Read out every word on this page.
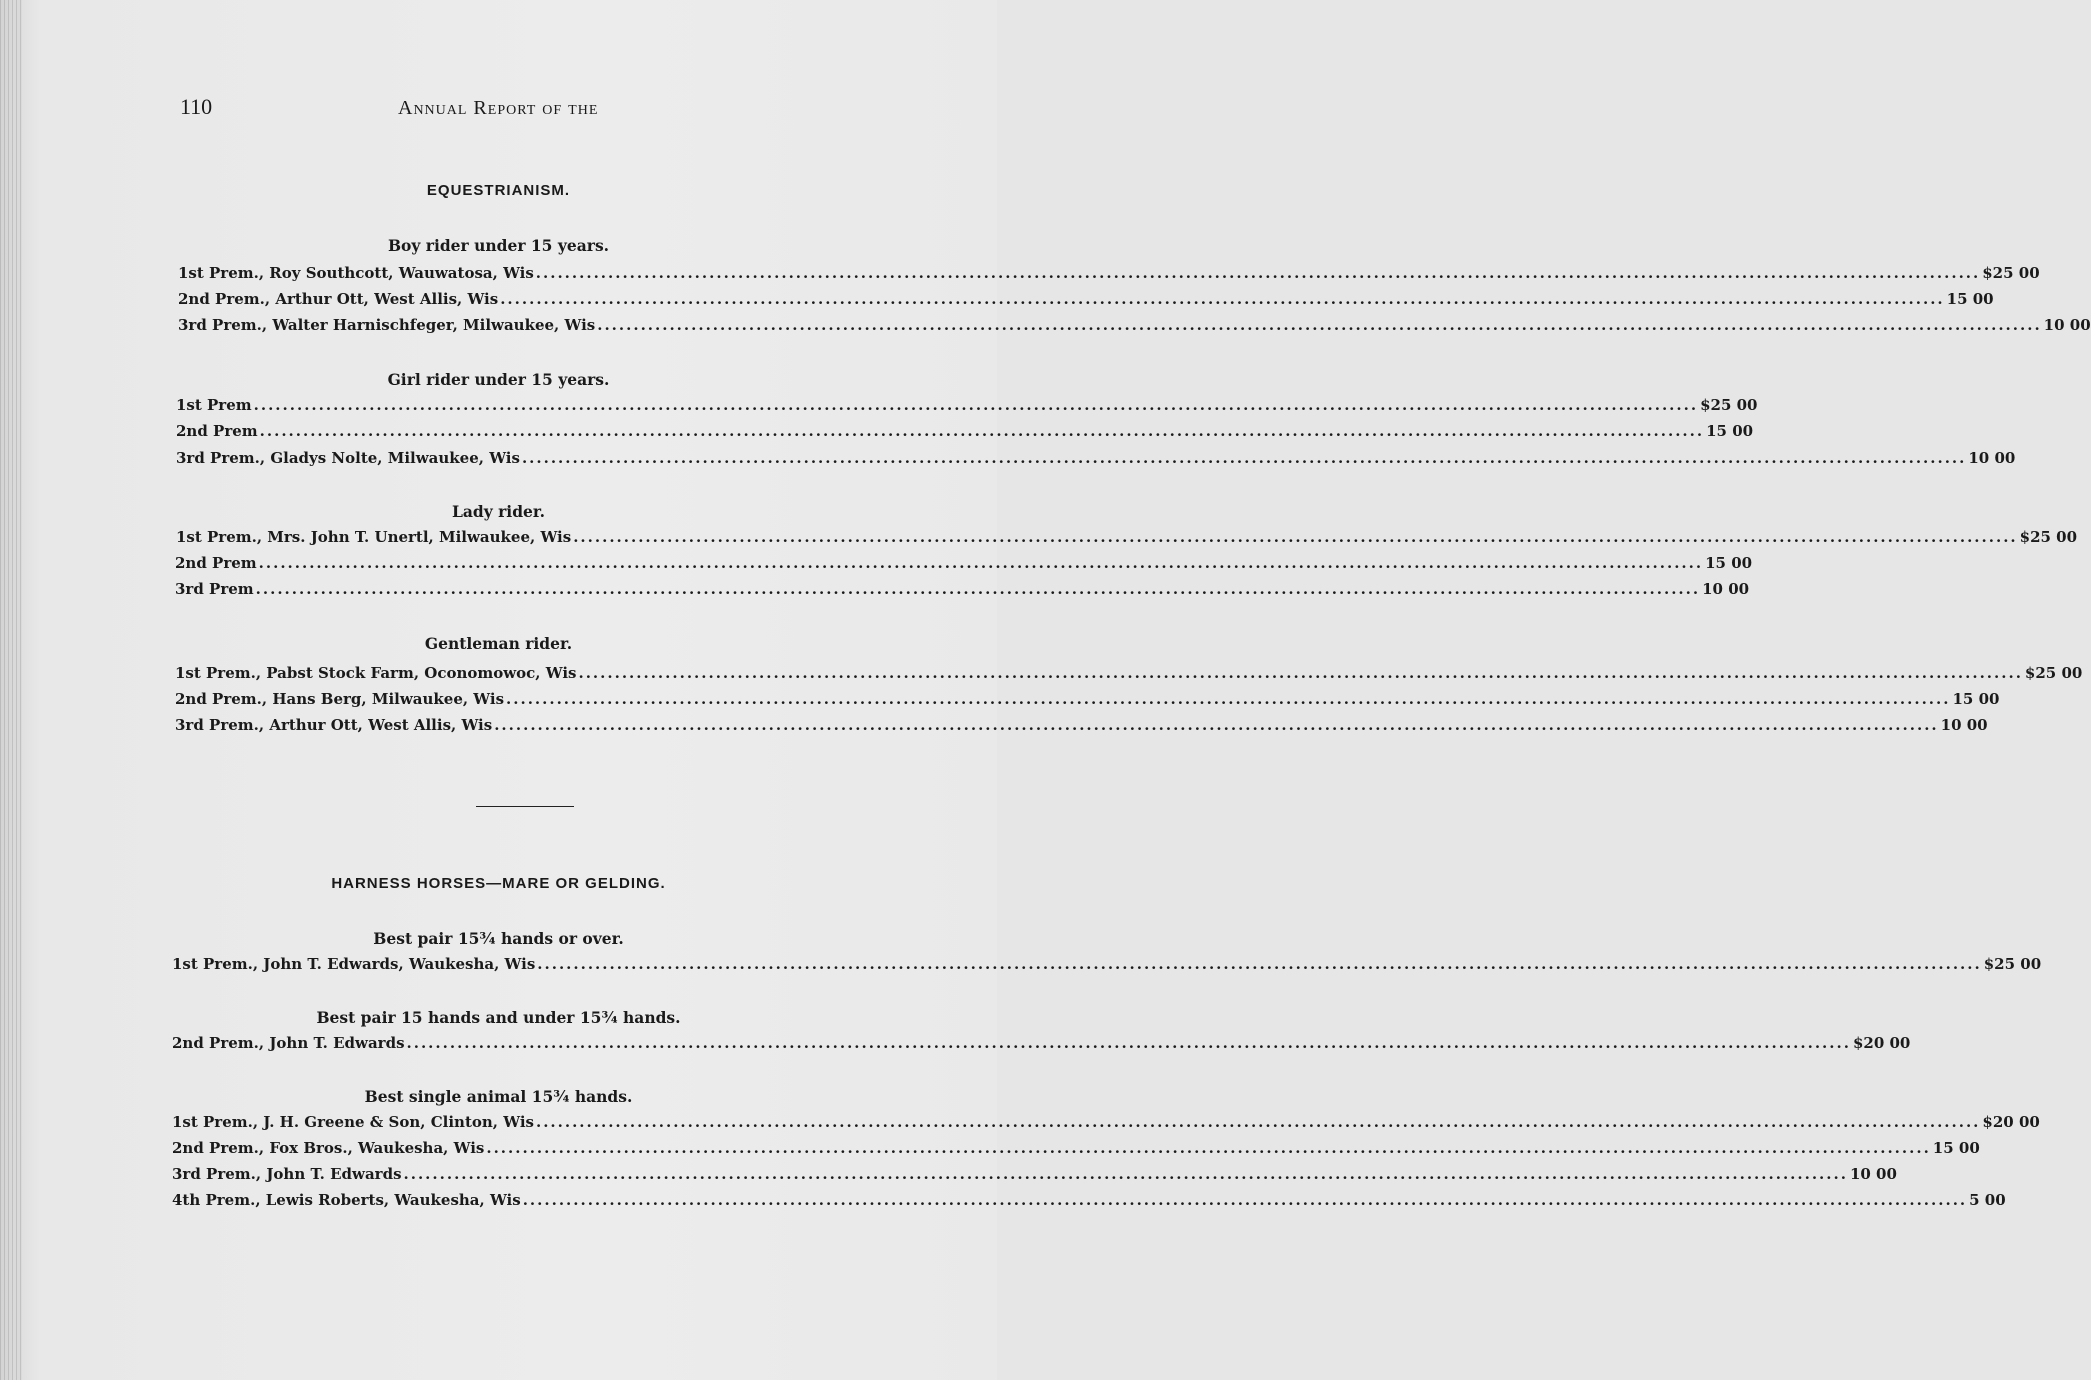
110	Annual Report of the
EQUESTRIANISM.
Boy rider under 15 years.
1st Prem., Roy Southcott, Wauwatosa, Wis ........................................................................................................................................................................................................ $25 00
2nd Prem., Arthur Ott, West Allis, Wis ........................................................................................................................................................................................................ 15 00
3rd Prem., Walter Harnischfeger, Milwaukee, Wis ........................................................................................................................................................................................................ 10 00
Girl rider under 15 years.
1st Prem ........................................................................................................................................................................................................ $25 00
2nd Prem ........................................................................................................................................................................................................ 15 00
3rd Prem., Gladys Nolte, Milwaukee, Wis ........................................................................................................................................................................................................ 10 00
Lady rider.
1st Prem., Mrs. John T. Unertl, Milwaukee, Wis ........................................................................................................................................................................................................ $25 00
2nd Prem ........................................................................................................................................................................................................ 15 00
3rd Prem ........................................................................................................................................................................................................ 10 00
Gentleman rider.
1st Prem., Pabst Stock Farm, Oconomowoc, Wis ........................................................................................................................................................................................................ $25 00
2nd Prem., Hans Berg, Milwaukee, Wis ........................................................................................................................................................................................................ 15 00
3rd Prem., Arthur Ott, West Allis, Wis ........................................................................................................................................................................................................ 10 00
HARNESS HORSES—MARE OR GELDING.
Best pair 15¾ hands or over.
1st Prem., John T. Edwards, Waukesha, Wis ........................................................................................................................................................................................................ $25 00
Best pair 15 hands and under 15¾ hands.
2nd Prem., John T. Edwards ........................................................................................................................................................................................................ $20 00
Best single animal 15¾ hands.
1st Prem., J. H. Greene & Son, Clinton, Wis ........................................................................................................................................................................................................ $20 00
2nd Prem., Fox Bros., Waukesha, Wis ........................................................................................................................................................................................................ 15 00
3rd Prem., John T. Edwards ........................................................................................................................................................................................................ 10 00
4th Prem., Lewis Roberts, Waukesha, Wis ........................................................................................................................................................................................................ 5 00
